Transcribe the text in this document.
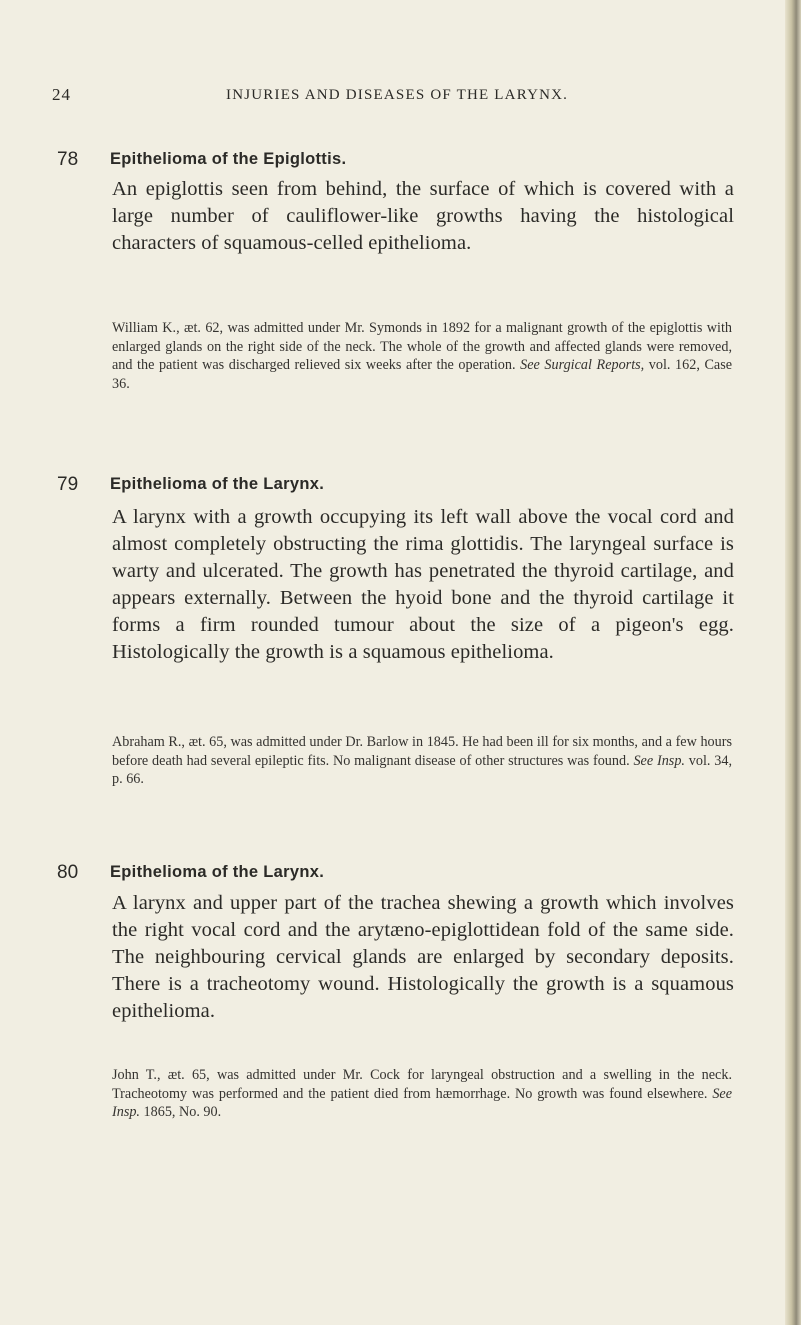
24	INJURIES AND DISEASES OF THE LARYNX.
78 Epithelioma of the Epiglottis.

An epiglottis seen from behind, the surface of which is covered with a large number of cauliflower-like growths having the histological characters of squamous-celled epithelioma.

William K., æt. 62, was admitted under Mr. Symonds in 1892 for a malignant growth of the epiglottis with enlarged glands on the right side of the neck. The whole of the growth and affected glands were removed, and the patient was discharged relieved six weeks after the operation. See Surgical Reports, vol. 162, Case 36.

79 Epithelioma of the Larynx.

A larynx with a growth occupying its left wall above the vocal cord and almost completely obstructing the rima glottidis. The laryngeal surface is warty and ulcerated. The growth has penetrated the thyroid cartilage, and appears externally. Between the hyoid bone and the thyroid cartilage it forms a firm rounded tumour about the size of a pigeon's egg. Histologically the growth is a squamous epithelioma.

Abraham R., æt. 65, was admitted under Dr. Barlow in 1845. He had been ill for six months, and a few hours before death had several epileptic fits. No malignant disease of other structures was found. See Insp. vol. 34, p. 66.

80 Epithelioma of the Larynx.

A larynx and upper part of the trachea shewing a growth which involves the right vocal cord and the arytæno-epiglottidean fold of the same side. The neighbouring cervical glands are enlarged by secondary deposits. There is a tracheotomy wound. Histologically the growth is a squamous epithelioma.

John T., æt. 65, was admitted under Mr. Cock for laryngeal obstruction and a swelling in the neck. Tracheotomy was performed and the patient died from hæmorrhage. No growth was found elsewhere. See Insp. 1865, No. 90.
